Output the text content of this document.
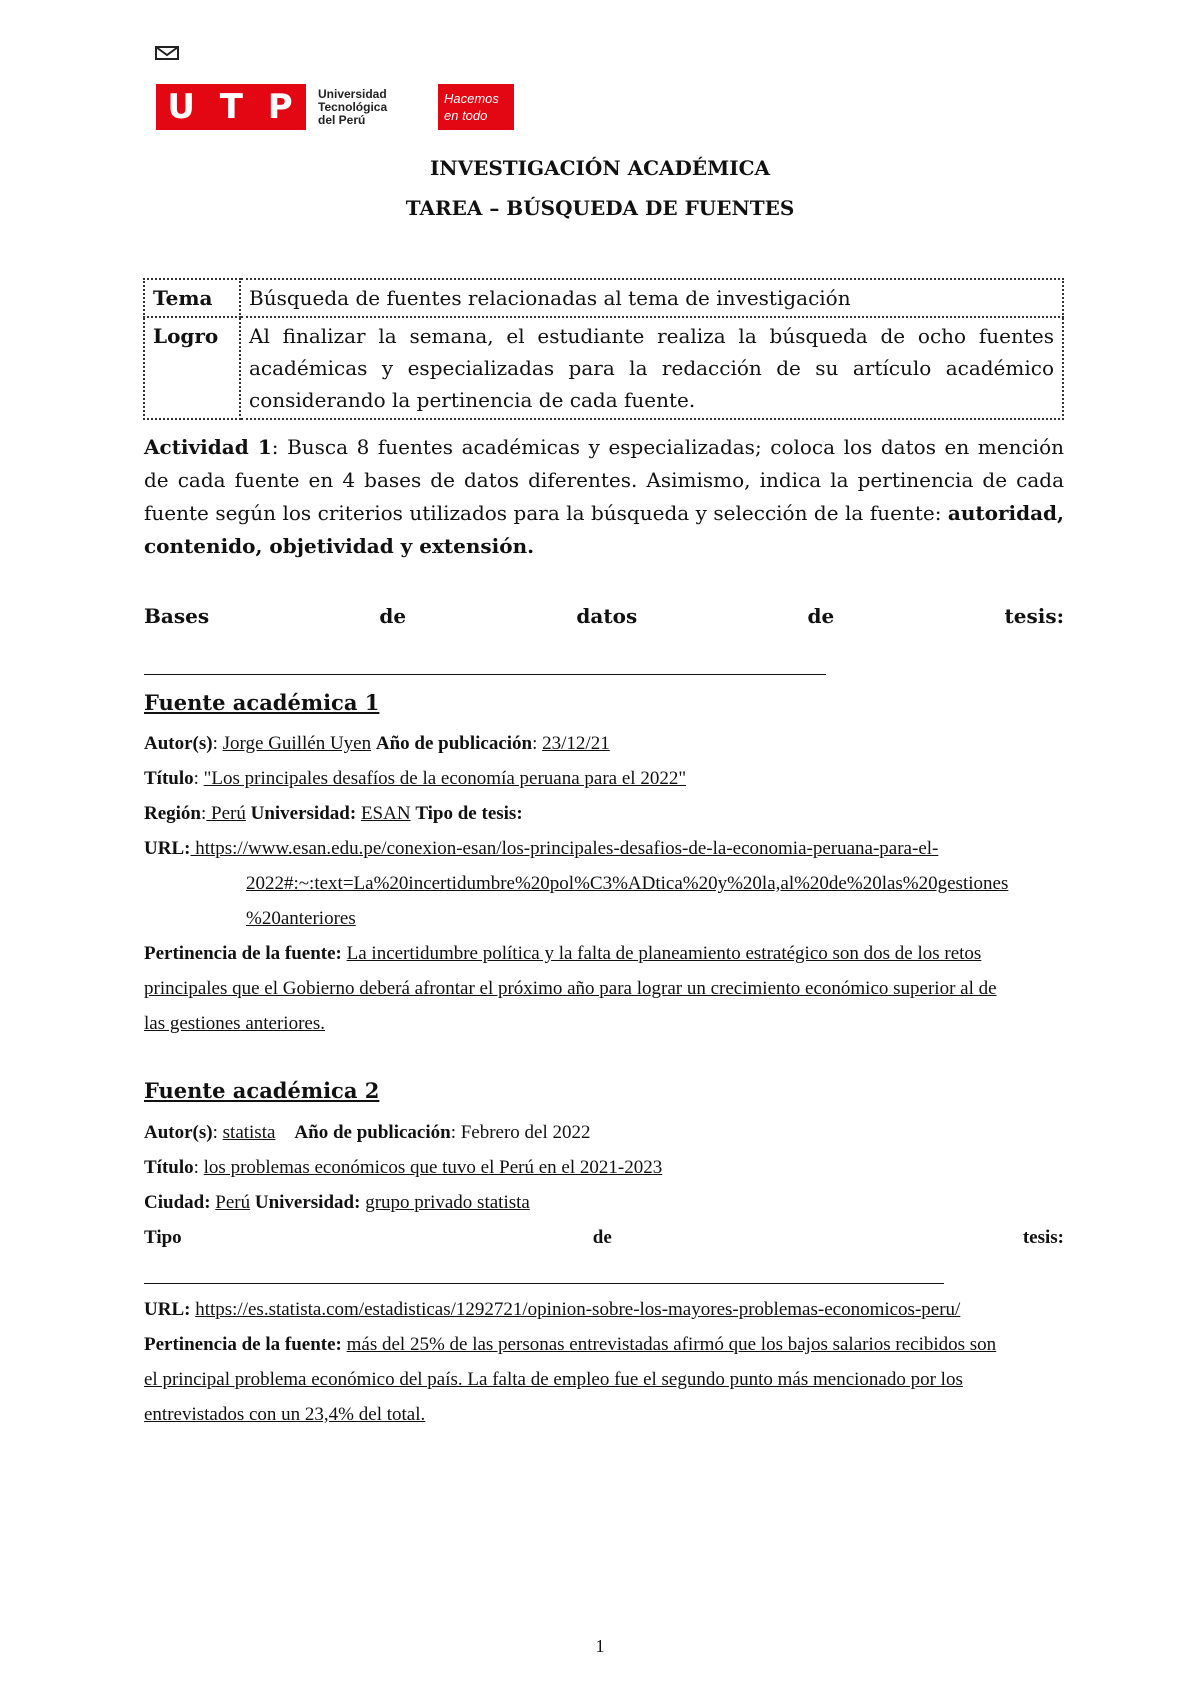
U T P Universidad
Tecnológica
del Perú
Hacemos
en todo
INVESTIGACIÓN ACADÉMICA
TAREA – BÚSQUEDA DE FUENTES
Tema	Búsqueda de fuentes relacionadas al tema de investigación
Logro	Al finalizar la semana, el estudiante realiza la búsqueda de ocho fuentes académicas y especializadas para la redacción de su artículo académico considerando la pertinencia de cada fuente.
Actividad 1: Busca 8 fuentes académicas y especializadas; coloca los datos en mención de cada fuente en 4 bases de datos diferentes. Asimismo, indica la pertinencia de cada fuente según los criterios utilizados para la búsqueda y selección de la fuente: autoridad, contenido, objetividad y extensión.
Bases	de	datos	de	tesis:
Fuente académica 1
Autor(s): Jorge Guillén Uyen Año de publicación: 23/12/21
Título: "Los principales desafíos de la economía peruana para el 2022"
Región: Perú Universidad: ESAN Tipo de tesis:
URL: https://www.esan.edu.pe/conexion-esan/los-principales-desafios-de-la-economia-peruana-para-el-
2022#:~:text=La%20incertidumbre%20pol%C3%ADtica%20y%20la,al%20de%20las%20gestiones
%20anteriores
Pertinencia de la fuente: La incertidumbre política y la falta de planeamiento estratégico son dos de los retos
principales que el Gobierno deberá afrontar el próximo año para lograr un crecimiento económico superior al de
las gestiones anteriores.
Fuente académica 2
Autor(s): statista Año de publicación: Febrero del 2022
Título: los problemas económicos que tuvo el Perú en el 2021-2023
Ciudad: Perú Universidad: grupo privado statista
Tipo	de	tesis:
URL: https://es.statista.com/estadisticas/1292721/opinion-sobre-los-mayores-problemas-economicos-peru/
Pertinencia de la fuente: más del 25% de las personas entrevistadas afirmó que los bajos salarios recibidos son
el principal problema económico del país. La falta de empleo fue el segundo punto más mencionado por los
entrevistados con un 23,4% del total.
1
